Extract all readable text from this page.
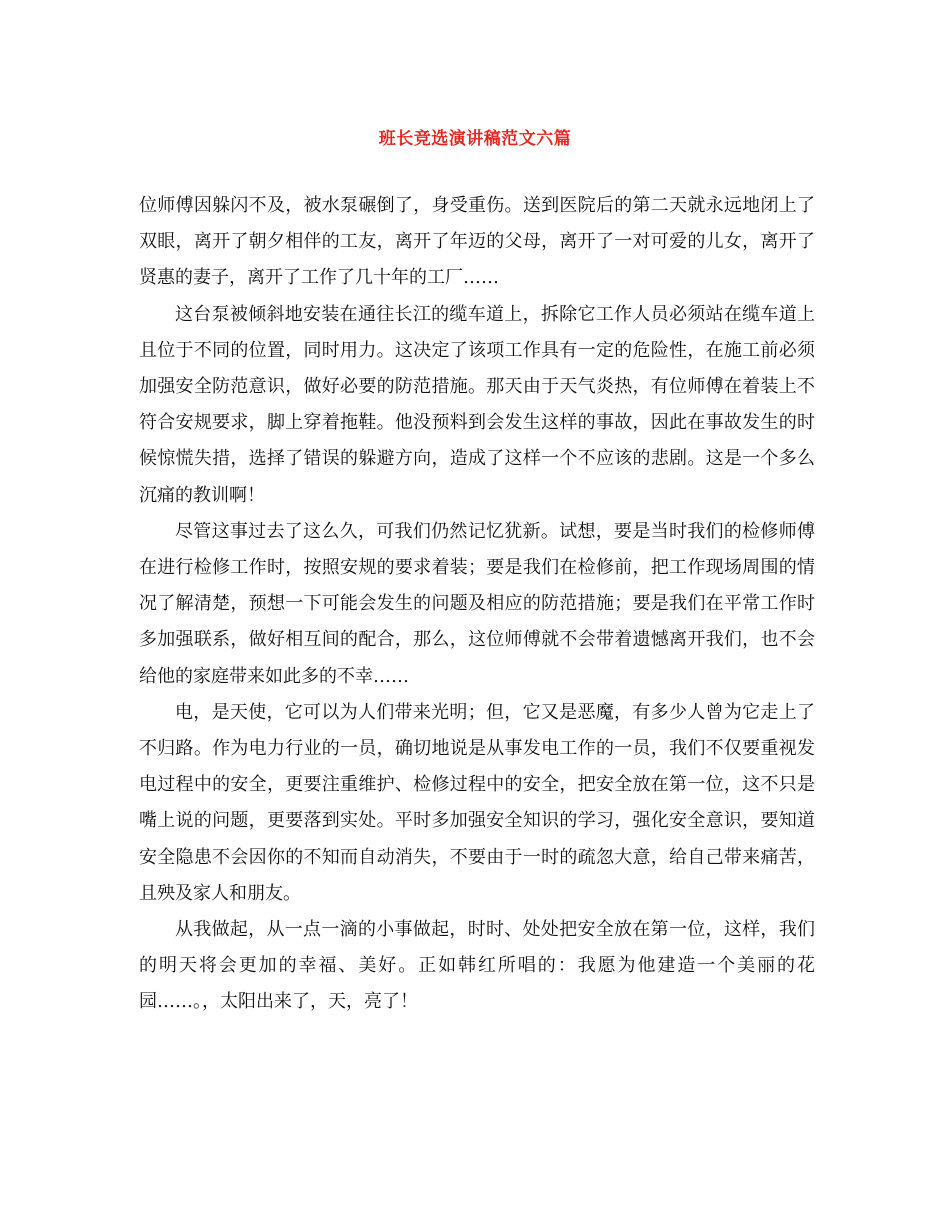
班长竞选演讲稿范文六篇

位师傅因躲闪不及，被水泵碾倒了，身受重伤。送到医院后的第二天就永远地闭上了双眼，离开了朝夕相伴的工友，离开了年迈的父母，离开了一对可爱的儿女，离开了贤惠的妻子，离开了工作了几十年的工厂……

这台泵被倾斜地安装在通往长江的缆车道上，拆除它工作人员必须站在缆车道上且位于不同的位置，同时用力。这决定了该项工作具有一定的危险性，在施工前必须加强安全防范意识，做好必要的防范措施。那天由于天气炎热，有位师傅在着装上不符合安规要求，脚上穿着拖鞋。他没预料到会发生这样的事故，因此在事故发生的时候惊慌失措，选择了错误的躲避方向，造成了这样一个不应该的悲剧。这是一个多么沉痛的教训啊！

尽管这事过去了这么久，可我们仍然记忆犹新。试想，要是当时我们的检修师傅在进行检修工作时，按照安规的要求着装；要是我们在检修前，把工作现场周围的情况了解清楚，预想一下可能会发生的问题及相应的防范措施；要是我们在平常工作时多加强联系，做好相互间的配合，那么，这位师傅就不会带着遗憾离开我们，也不会给他的家庭带来如此多的不幸……

电，是天使，它可以为人们带来光明；但，它又是恶魔，有多少人曾为它走上了不归路。作为电力行业的一员，确切地说是从事发电工作的一员，我们不仅要重视发电过程中的安全，更要注重维护、检修过程中的安全，把安全放在第一位，这不只是嘴上说的问题，更要落到实处。平时多加强安全知识的学习，强化安全意识，要知道安全隐患不会因你的不知而自动消失，不要由于一时的疏忽大意，给自己带来痛苦，且殃及家人和朋友。

从我做起，从一点一滴的小事做起，时时、处处把安全放在第一位，这样，我们的明天将会更加的幸福、美好。正如韩红所唱的：我愿为他建造一个美丽的花园……。，太阳出来了，天，亮了！
